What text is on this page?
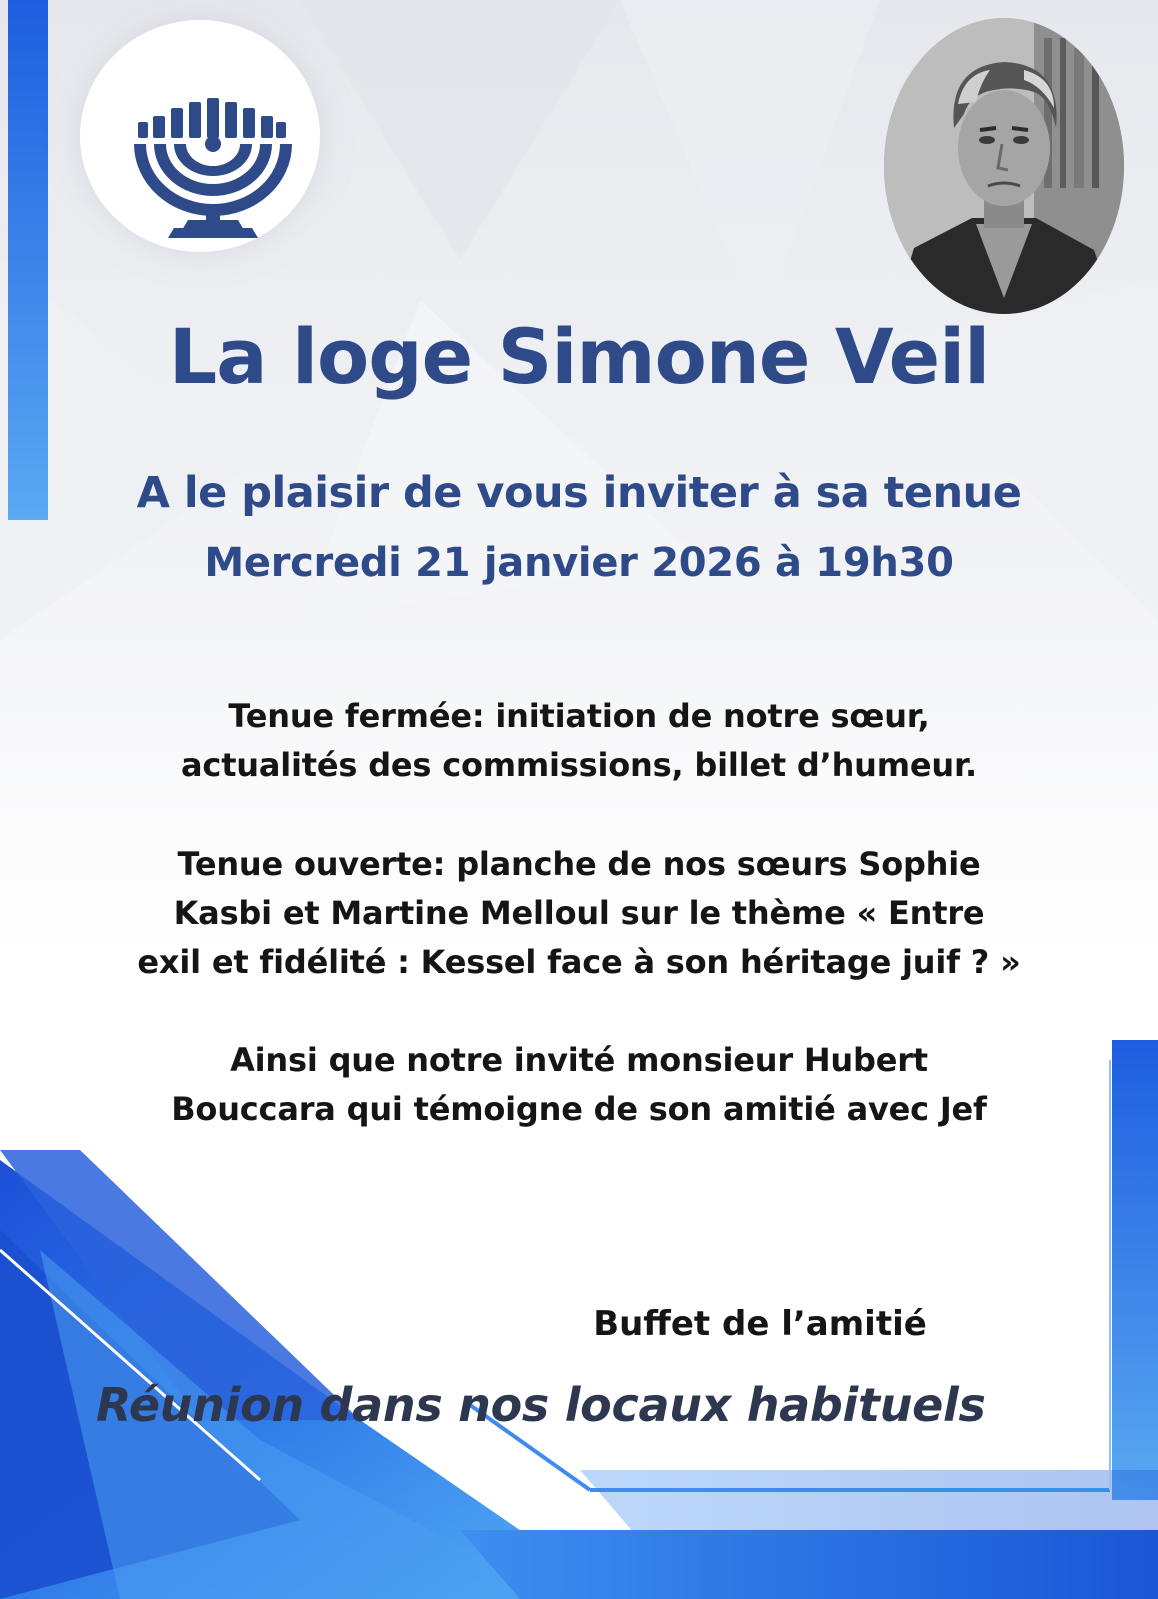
La loge Simone Veil

A le plaisir de vous inviter à sa tenue

Mercredi 21 janvier 2026 à 19h30

Tenue fermée: initiation de notre sœur,
actualités des commissions, billet d’humeur.

Tenue ouverte: planche de nos sœurs Sophie
Kasbi et Martine Melloul sur le thème « Entre
exil et fidélité : Kessel face à son héritage juif ? »

Ainsi que notre invité monsieur Hubert
Bouccara qui témoigne de son amitié avec Jef

Buffet de l’amitié

Réunion dans nos locaux habituels
